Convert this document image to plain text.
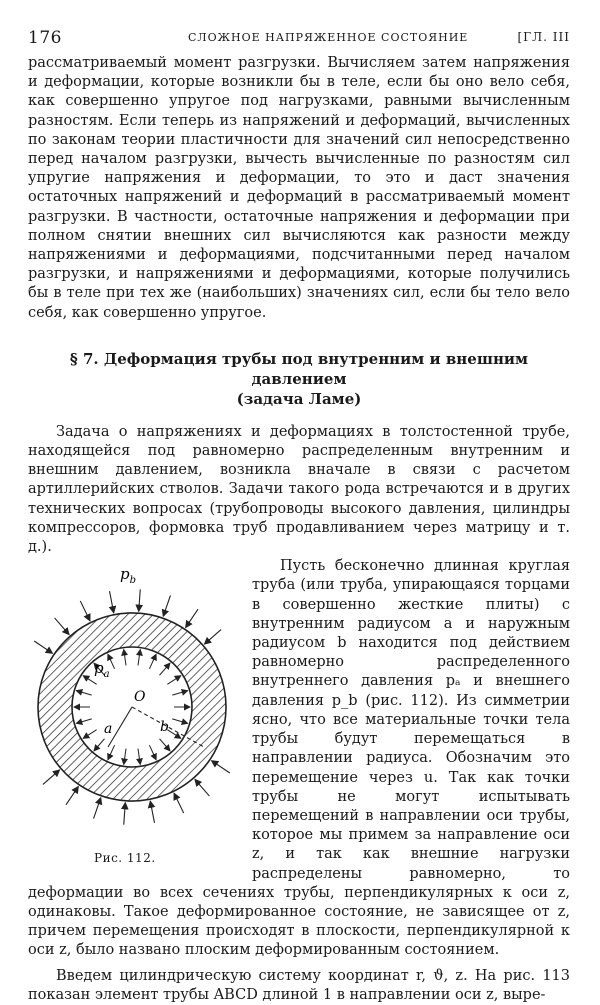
176	СЛОЖНОЕ НАПРЯЖЕННОЕ СОСТОЯНИЕ	[ГЛ. III

рассматриваемый момент разгрузки. Вычисляем затем напряжения и деформации, которые возникли бы в теле, если бы оно вело себя, как совершенно упругое под нагрузками, равными вычисленным разностям. Если теперь из напряжений и деформаций, вычисленных по законам теории пластичности для значений сил непосредственно перед началом разгрузки, вычесть вычисленные по разностям сил упругие напряжения и деформации, то это и даст значения остаточных напряжений и деформаций в рассматриваемый момент разгрузки. В частности, остаточные напряжения и деформации при полном снятии внешних сил вычисляются как разности между напряжениями и деформациями, подсчитанными перед началом разгрузки, и напряжениями и деформациями, которые получились бы в теле при тех же (наибольших) значениях сил, если бы тело вело себя, как совершенно упругое.

§ 7. Деформация трубы под внутренним и внешним давлением
(задача Ламе)

Задача о напряжениях и деформациях в толстостенной трубе, находящейся под равномерно распределенным внутренним и внешним давлением, возникла вначале в связи с расчетом артиллерийских стволов. Задачи такого рода встречаются и в других технических вопросах (трубопроводы высокого давления, цилиндры компрессоров, формовка труб продавливанием через матрицу и т. д.).

O
a	b
$p_b$
$p_a$
Рис. 112.

Пусть бесконечно длинная круглая труба (или труба, упирающаяся торцами в совершенно жесткие плиты) с внутренним радиусом a и наружным радиусом b находится под действием равномерно распределенного внутреннего давления pₐ и внешнего давления p_b (рис. 112). Из симметрии ясно, что все материальные точки тела трубы будут перемещаться в направлении радиуса. Обозначим это перемещение через u. Так как точки трубы не могут испытывать перемещений в направлении оси трубы, которое мы примем за направление оси z, и так как внешние нагрузки распределены равномерно, то деформации во всех сечениях трубы, перпендикулярных к оси z, одинаковы. Такое деформированное состояние, не зависящее от z, причем перемещения происходят в плоскости, перпендикулярной к оси z, было названо плоским деформированным состоянием.

Введем цилиндрическую систему координат r, ϑ, z. На рис. 113 показан элемент трубы ABCD длиной 1 в направлении оси z, выре-
